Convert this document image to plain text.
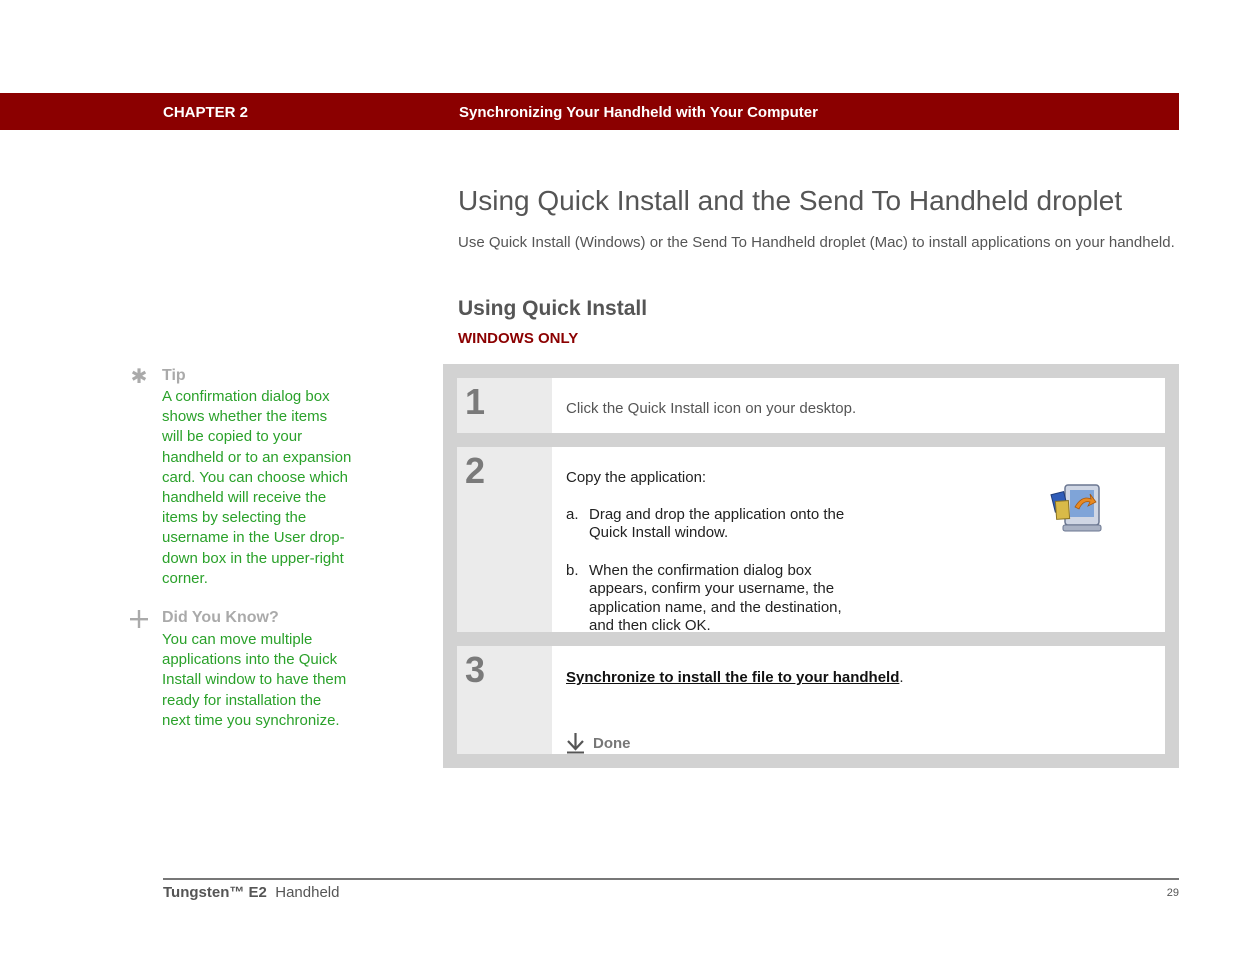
CHAPTER 2	Synchronizing Your Handheld with Your Computer
Using Quick Install and the Send To Handheld droplet

Use Quick Install (Windows) or the Send To Handheld droplet (Mac) to install applications on your handheld.

Using Quick Install
WINDOWS ONLY
✱ Tip

A confirmation dialog box shows whether the items will be copied to your handheld or to an expansion card. You can choose which handheld will receive the items by selecting the username in the User drop-down box in the upper-right corner.

Did You Know?

You can move multiple applications into the Quick Install window to have them ready for installation the next time you synchronize.

1	Click the Quick Install icon on your desktop.

2	Copy the application:

a. Drag and drop the application onto the Quick Install window.
b. When the confirmation dialog box appears, confirm your username, the application name, and the destination, and then click OK.
3	Synchronize to install the file to your handheld.

Done
Tungsten™ E2 Handheld	29
